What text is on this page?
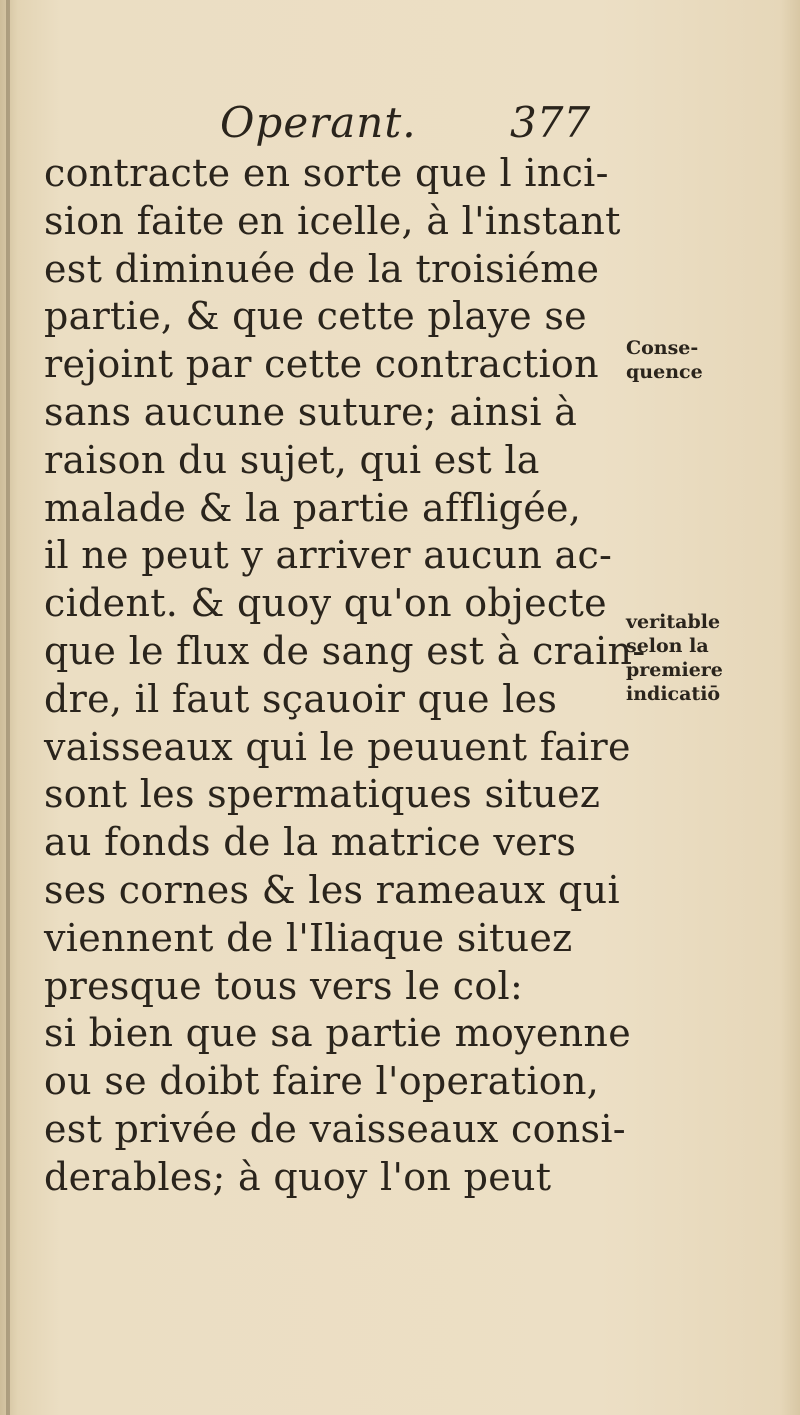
Operant. 377
contracte en sorte que l inci-
sion faite en icelle, à l'instant
est diminuée de la troisiéme
partie, & que cette playe se
rejoint par cette contraction
sans aucune suture; ainsi à
raison du sujet, qui est la
malade & la partie affligée,
il ne peut y arriver aucun ac-
cident. & quoy qu'on objecte
que le flux de sang est à crain-
dre, il faut sçauoir que les
vaisseaux qui le peuuent faire
sont les spermatiques situez
au fonds de la matrice vers
ses cornes & les rameaux qui
viennent de l'Iliaque situez
presque tous vers le col:
si bien que sa partie moyenne
ou se doibt faire l'operation,
est privée de vaisseaux consi-
derables; à quoy l'on peut
Conse-
quence
veritable
selon la
premiere
indicatiō
